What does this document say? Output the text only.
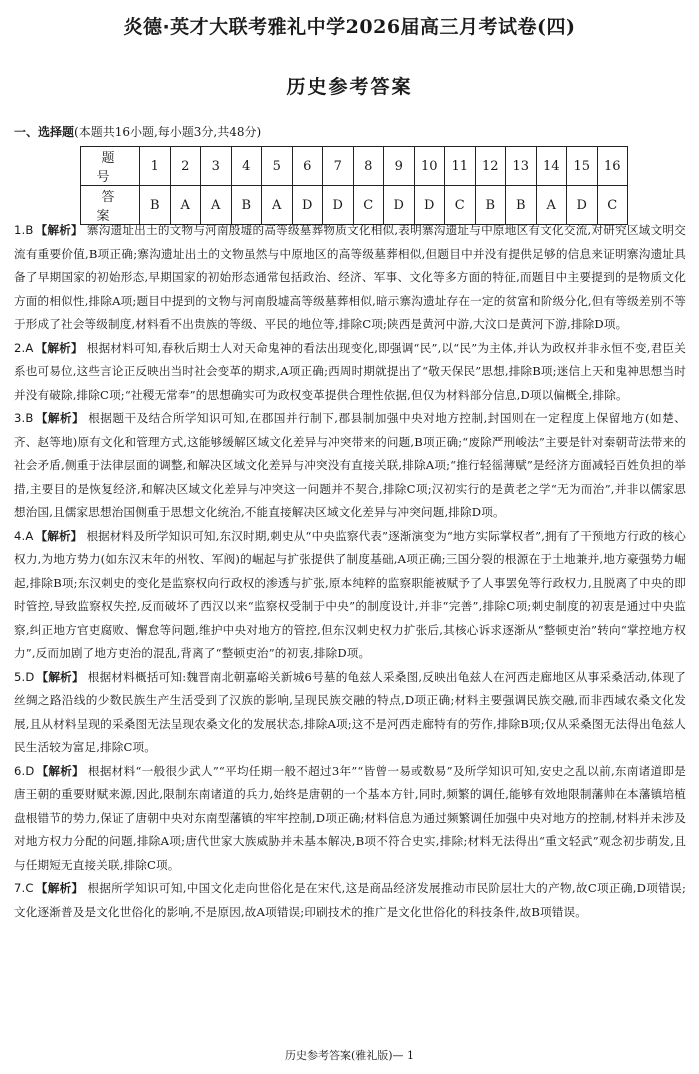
炎德·英才大联考雅礼中学2026届高三月考试卷(四)
历史参考答案
一、选择题(本题共16小题,每小题3分,共48分)
题号	1	2	3	4	5	6	7	8	9	10	11	12	13	14	15	16
答案	B	A	A	B	A	D	D	C	D	D	C	B	B	A	D	C

1.B 【解析】 寨沟遗址出土的文物与河南殷墟的高等级墓葬物质文化相似,表明寨沟遗址与中原地区有文化交流,对研究区域文明交流有重要价值,B项正确;寨沟遗址出土的文物虽然与中原地区的高等级墓葬相似,但题目中并没有提供足够的信息来证明寨沟遗址具备了早期国家的初始形态,早期国家的初始形态通常包括政治、经济、军事、文化等多方面的特征,而题目中主要提到的是物质文化方面的相似性,排除A项;题目中提到的文物与河南殷墟高等级墓葬相似,暗示寨沟遗址存在一定的贫富和阶级分化,但有等级差别不等于形成了社会等级制度,材料看不出贵族的等级、平民的地位等,排除C项;陕西是黄河中游,大汶口是黄河下游,排除D项。

2.A 【解析】 根据材料可知,春秋后期士人对天命鬼神的看法出现变化,即强调“民”,以“民”为主体,并认为政权并非永恒不变,君臣关系也可易位,这些言论正反映出当时社会变革的期求,A项正确;西周时期就提出了“敬天保民”思想,排除B项;迷信上天和鬼神思想当时并没有破除,排除C项;“社稷无常奉”的思想确实可为政权变革提供合理性依据,但仅为材料部分信息,D项以偏概全,排除。

3.B 【解析】 根据题干及结合所学知识可知,在郡国并行制下,郡县制加强中央对地方控制,封国则在一定程度上保留地方(如楚、齐、赵等地)原有文化和管理方式,这能够缓解区域文化差异与冲突带来的问题,B项正确;“废除严刑峻法”主要是针对秦朝苛法带来的社会矛盾,侧重于法律层面的调整,和解决区域文化差异与冲突没有直接关联,排除A项;“推行轻徭薄赋”是经济方面减轻百姓负担的举措,主要目的是恢复经济,和解决区域文化差异与冲突这一问题并不契合,排除C项;汉初实行的是黄老之学“无为而治”,并非以儒家思想治国,且儒家思想治国侧重于思想文化统治,不能直接解决区域文化差异与冲突问题,排除D项。

4.A 【解析】 根据材料及所学知识可知,东汉时期,刺史从“中央监察代表”逐渐演变为“地方实际掌权者”,拥有了干预地方行政的核心权力,为地方势力(如东汉末年的州牧、军阀)的崛起与扩张提供了制度基础,A项正确;三国分裂的根源在于土地兼并,地方豪强势力崛起,排除B项;东汉刺史的变化是监察权向行政权的渗透与扩张,原本纯粹的监察职能被赋予了人事罢免等行政权力,且脱离了中央的即时管控,导致监察权失控,反而破坏了西汉以来“监察权受制于中央”的制度设计,并非“完善”,排除C项;刺史制度的初衷是通过中央监察,纠正地方官吏腐败、懈怠等问题,维护中央对地方的管控,但东汉刺史权力扩张后,其核心诉求逐渐从“整顿吏治”转向“掌控地方权力”,反而加剧了地方吏治的混乱,背离了“整顿吏治”的初衷,排除D项。

5.D 【解析】 根据材料概括可知:魏晋南北朝嘉峪关新城6号墓的龟兹人采桑图,反映出龟兹人在河西走廊地区从事采桑活动,体现了丝绸之路沿线的少数民族生产生活受到了汉族的影响,呈现民族交融的特点,D项正确;材料主要强调民族交融,而非西域农桑文化发展,且从材料呈现的采桑图无法呈现农桑文化的发展状态,排除A项;这不是河西走廊特有的劳作,排除B项;仅从采桑图无法得出龟兹人民生活较为富足,排除C项。

6.D 【解析】 根据材料“一般很少武人”“平均任期一般不超过3年”“皆曾一易或数易”及所学知识可知,安史之乱以前,东南诸道即是唐王朝的重要财赋来源,因此,限制东南诸道的兵力,始终是唐朝的一个基本方针,同时,频繁的调任,能够有效地限制藩帅在本藩镇培植盘根错节的势力,保证了唐朝中央对东南型藩镇的牢牢控制,D项正确;材料信息为通过频繁调任加强中央对地方的控制,材料并未涉及对地方权力分配的问题,排除A项;唐代世家大族威胁并未基本解决,B项不符合史实,排除;材料无法得出“重文轻武”观念初步萌发,且与任期短无直接关联,排除C项。

7.C 【解析】 根据所学知识可知,中国文化走向世俗化是在宋代,这是商品经济发展推动市民阶层壮大的产物,故C项正确,D项错误;文化逐渐普及是文化世俗化的影响,不是原因,故A项错误;印刷技术的推广是文化世俗化的科技条件,故B项错误。

历史参考答案(雅礼版)— 1
